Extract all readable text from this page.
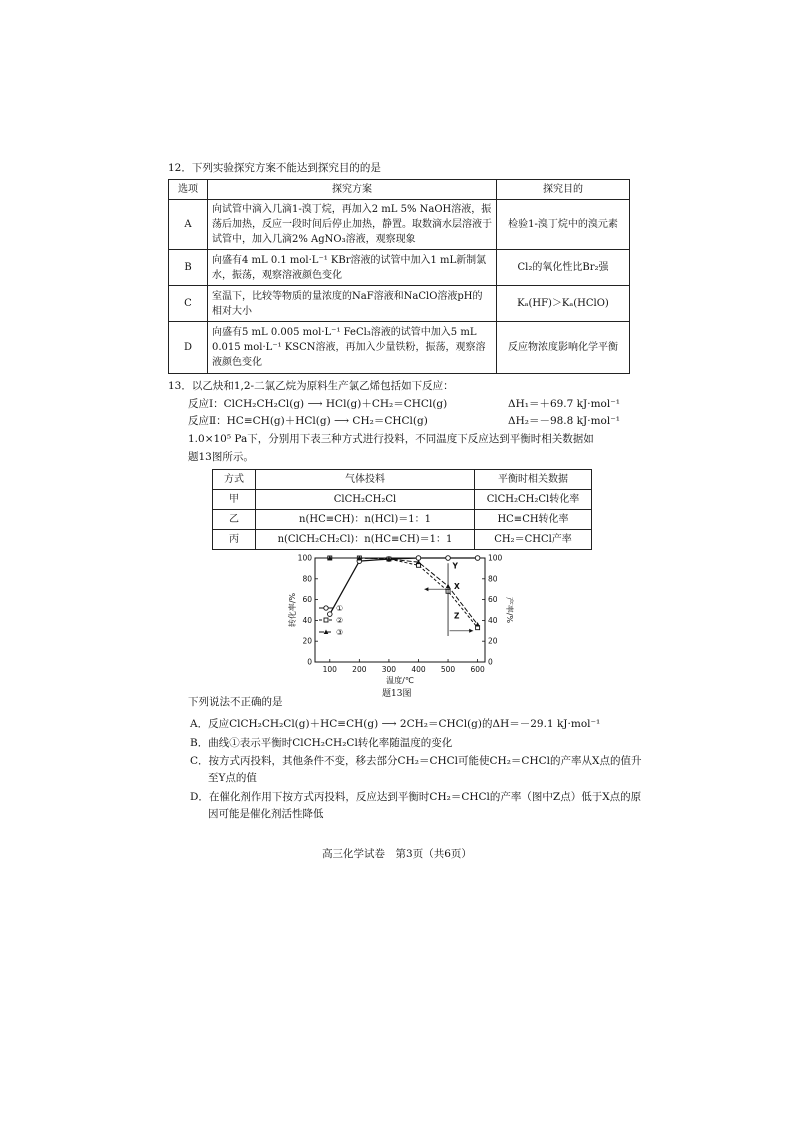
12．下列实验探究方案不能达到探究目的的是
选项	探究方案	探究目的
A	向试管中滴入几滴1-溴丁烷，再加入2 mL 5% NaOH溶液，振荡后加热，反应一段时间后停止加热，静置。取数滴水层溶液于试管中，加入几滴2% AgNO₃溶液，观察现象	检验1-溴丁烷中的溴元素
B	向盛有4 mL 0.1 mol·L⁻¹ KBr溶液的试管中加入1 mL新制氯水，振荡，观察溶液颜色变化	Cl₂的氧化性比Br₂强
C	室温下，比较等物质的量浓度的NaF溶液和NaClO溶液pH的相对大小	Kₐ(HF)＞Kₐ(HClO)
D	向盛有5 mL 0.005 mol·L⁻¹ FeCl₃溶液的试管中加入5 mL 0.015 mol·L⁻¹ KSCN溶液，再加入少量铁粉，振荡，观察溶液颜色变化	反应物浓度影响化学平衡
13．以乙炔和1,2-二氯乙烷为原料生产氯乙烯包括如下反应：
反应Ⅰ：ClCH₂CH₂Cl(g) ⟶ HCl(g)＋CH₂＝CHCl(g)	ΔH₁＝＋69.7 kJ·mol⁻¹
反应Ⅱ：HC≡CH(g)＋HCl(g) ⟶ CH₂＝CHCl(g)	ΔH₂＝－98.8 kJ·mol⁻¹
1.0×10⁵ Pa下，分别用下表三种方式进行投料，不同温度下反应达到平衡时相关数据如
题13图所示。
方式	气体投料	平衡时相关数据
甲	ClCH₂CH₂Cl	ClCH₂CH₂Cl转化率
乙	n(HC≡CH)：n(HCl)＝1：1	HC≡CH转化率
丙	n(ClCH₂CH₂Cl)：n(HC≡CH)＝1：1	CH₂＝CHCl产率
100 200 300 400 500 600
0	0
20	20
40	40
60	60
80	80
100	100
温度/℃
转化率/%	产率/%
①
②
③
Y
X
Z
题13图
下列说法不正确的是
A．反应ClCH₂CH₂Cl(g)＋HC≡CH(g) ⟶ 2CH₂＝CHCl(g)的ΔH＝－29.1 kJ·mol⁻¹
B．曲线①表示平衡时ClCH₂CH₂Cl转化率随温度的变化
C．按方式丙投料，其他条件不变，移去部分CH₂＝CHCl可能使CH₂＝CHCl的产率从X点的值升至Y点的值
D．在催化剂作用下按方式丙投料，反应达到平衡时CH₂＝CHCl的产率（图中Z点）低于X点的原因可能是催化剂活性降低
高三化学试卷　第3页（共6页）
